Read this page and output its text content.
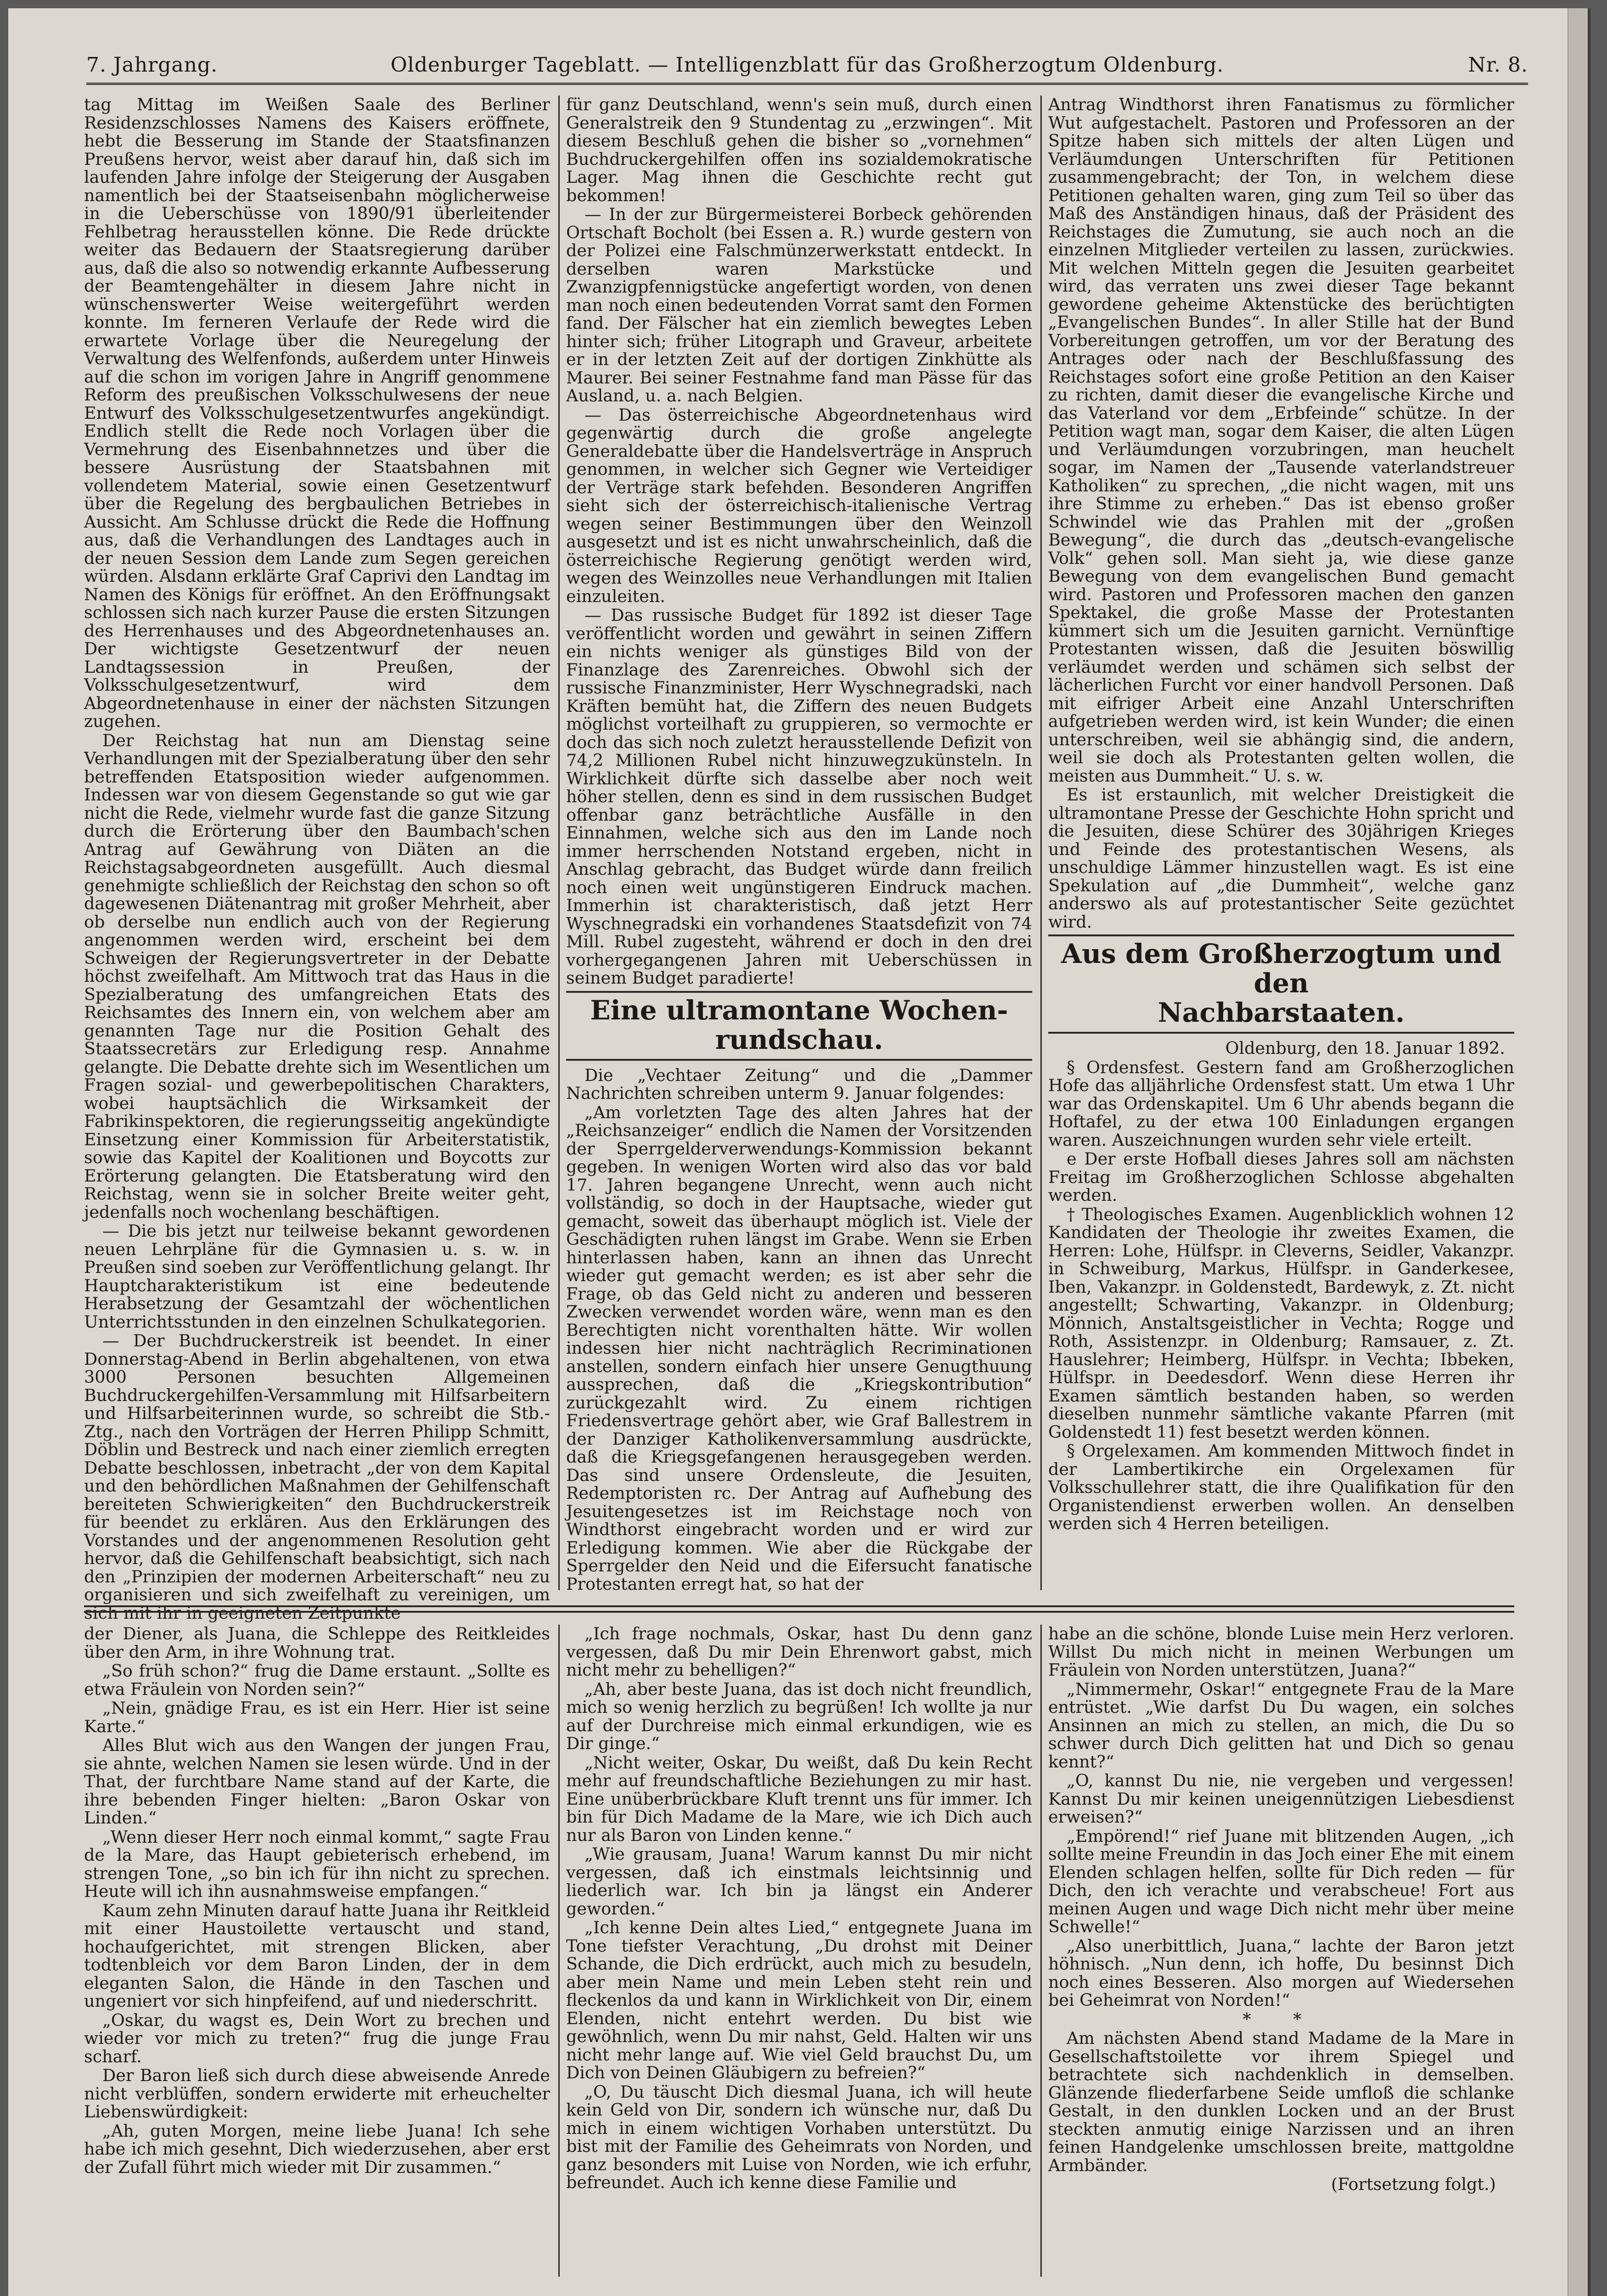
7. Jahrgang.	Oldenburger Tageblatt. — Intelligenzblatt für das Großherzogtum Oldenburg.	Nr. 8.

tag Mittag im Weißen Saale des Berliner Residenzschlosses Namens des Kaisers eröffnete, hebt die Besserung im Stande der Staatsfinanzen Preußens hervor, weist aber darauf hin, daß sich im laufenden Jahre infolge der Steigerung der Ausgaben namentlich bei der Staatseisenbahn möglicherweise in die Ueberschüsse von 1890/91 überleitender Fehlbetrag herausstellen könne. Die Rede drückte weiter das Bedauern der Staatsregierung darüber aus, daß die also so notwendig erkannte Aufbesserung der Beamtengehälter in diesem Jahre nicht in wünschenswerter Weise weitergeführt werden konnte. Im ferneren Verlaufe der Rede wird die erwartete Vorlage über die Neuregelung der Verwaltung des Welfenfonds, außerdem unter Hinweis auf die schon im vorigen Jahre in Angriff genommene Reform des preußischen Volksschulwesens der neue Entwurf des Volksschulgesetzentwurfes angekündigt. Endlich stellt die Rede noch Vorlagen über die Vermehrung des Eisenbahnnetzes und über die bessere Ausrüstung der Staatsbahnen mit vollendetem Material, sowie einen Gesetzentwurf über die Regelung des bergbaulichen Betriebes in Aussicht. Am Schlusse drückt die Rede die Hoffnung aus, daß die Verhandlungen des Landtages auch in der neuen Session dem Lande zum Segen gereichen würden. Alsdann erklärte Graf Caprivi den Landtag im Namen des Königs für eröffnet. An den Eröffnungsakt schlossen sich nach kurzer Pause die ersten Sitzungen des Herrenhauses und des Abgeordnetenhauses an. Der wichtigste Gesetzentwurf der neuen Landtagssession in Preußen, der Volksschulgesetzentwurf, wird dem Abgeordnetenhause in einer der nächsten Sitzungen zugehen.

Der Reichstag hat nun am Dienstag seine Verhandlungen mit der Spezialberatung über den sehr betreffenden Etatsposition wieder aufgenommen. Indessen war von diesem Gegenstande so gut wie gar nicht die Rede, vielmehr wurde fast die ganze Sitzung durch die Erörterung über den Baumbach'schen Antrag auf Gewährung von Diäten an die Reichstagsabgeordneten ausgefüllt. Auch diesmal genehmigte schließlich der Reichstag den schon so oft dagewesenen Diätenantrag mit großer Mehrheit, aber ob derselbe nun endlich auch von der Regierung angenommen werden wird, erscheint bei dem Schweigen der Regierungsvertreter in der Debatte höchst zweifelhaft. Am Mittwoch trat das Haus in die Spezialberatung des umfangreichen Etats des Reichsamtes des Innern ein, von welchem aber am genannten Tage nur die Position Gehalt des Staatssecretärs zur Erledigung resp. Annahme gelangte. Die Debatte drehte sich im Wesentlichen um Fragen sozial- und gewerbepolitischen Charakters, wobei hauptsächlich die Wirksamkeit der Fabrikinspektoren, die regierungsseitig angekündigte Einsetzung einer Kommission für Arbeiterstatistik, sowie das Kapitel der Koalitionen und Boycotts zur Erörterung gelangten. Die Etatsberatung wird den Reichstag, wenn sie in solcher Breite weiter geht, jedenfalls noch wochenlang beschäftigen.

— Die bis jetzt nur teilweise bekannt gewordenen neuen Lehrpläne für die Gymnasien u. s. w. in Preußen sind soeben zur Veröffentlichung gelangt. Ihr Hauptcharakteristikum ist eine bedeutende Herabsetzung der Gesamtzahl der wöchentlichen Unterrichtsstunden in den einzelnen Schulkategorien.

— Der Buchdruckerstreik ist beendet. In einer Donnerstag-Abend in Berlin abgehaltenen, von etwa 3000 Personen besuchten Allgemeinen Buchdruckergehilfen-Versammlung mit Hilfsarbeitern und Hilfsarbeiterinnen wurde, so schreibt die Stb.-Ztg., nach den Vorträgen der Herren Philipp Schmitt, Döblin und Bestreck und nach einer ziemlich erregten Debatte beschlossen, inbetracht „der von dem Kapital und den behördlichen Maßnahmen der Gehilfenschaft bereiteten Schwierigkeiten“ den Buchdruckerstreik für beendet zu erklären. Aus den Erklärungen des Vorstandes und der angenommenen Resolution geht hervor, daß die Gehilfenschaft beabsichtigt, sich nach den „Prinzipien der modernen Arbeiterschaft“ neu zu organisieren und sich zweifelhaft zu vereinigen, um sich mit ihr in geeigneten Zeitpunkte

für ganz Deutschland, wenn's sein muß, durch einen Generalstreik den 9 Stundentag zu „erzwingen“. Mit diesem Beschluß gehen die bisher so „vornehmen“ Buchdruckergehilfen offen ins sozialdemokratische Lager. Mag ihnen die Geschichte recht gut bekommen!

— In der zur Bürgermeisterei Borbeck gehörenden Ortschaft Bocholt (bei Essen a. R.) wurde gestern von der Polizei eine Falschmünzerwerkstatt entdeckt. In derselben waren Markstücke und Zwanzigpfennigstücke angefertigt worden, von denen man noch einen bedeutenden Vorrat samt den Formen fand. Der Fälscher hat ein ziemlich bewegtes Leben hinter sich; früher Litograph und Graveur, arbeitete er in der letzten Zeit auf der dortigen Zinkhütte als Maurer. Bei seiner Festnahme fand man Pässe für das Ausland, u. a. nach Belgien.

— Das österreichische Abgeordnetenhaus wird gegenwärtig durch die große angelegte Generaldebatte über die Handelsverträge in Anspruch genommen, in welcher sich Gegner wie Verteidiger der Verträge stark befehden. Besonderen Angriffen sieht sich der österreichisch-italienische Vertrag wegen seiner Bestimmungen über den Weinzoll ausgesetzt und ist es nicht unwahrscheinlich, daß die österreichische Regierung genötigt werden wird, wegen des Weinzolles neue Verhandlungen mit Italien einzuleiten.

— Das russische Budget für 1892 ist dieser Tage veröffentlicht worden und gewährt in seinen Ziffern ein nichts weniger als günstiges Bild von der Finanzlage des Zarenreiches. Obwohl sich der russische Finanzminister, Herr Wyschnegradski, nach Kräften bemüht hat, die Ziffern des neuen Budgets möglichst vorteilhaft zu gruppieren, so vermochte er doch das sich noch zuletzt herausstellende Defizit von 74,2 Millionen Rubel nicht hinzuwegzukünsteln. In Wirklichkeit dürfte sich dasselbe aber noch weit höher stellen, denn es sind in dem russischen Budget offenbar ganz beträchtliche Ausfälle in den Einnahmen, welche sich aus den im Lande noch immer herrschenden Notstand ergeben, nicht in Anschlag gebracht, das Budget würde dann freilich noch einen weit ungünstigeren Eindruck machen. Immerhin ist charakteristisch, daß jetzt Herr Wyschnegradski ein vorhandenes Staatsdefizit von 74 Mill. Rubel zugesteht, während er doch in den drei vorhergegangenen Jahren mit Ueberschüssen in seinem Budget paradierte!

Eine ultramontane Wochen-
rundschau.

Die „Vechtaer Zeitung“ und die „Dammer Nachrichten schreiben unterm 9. Januar folgendes:

„Am vorletzten Tage des alten Jahres hat der „Reichsanzeiger“ endlich die Namen der Vorsitzenden der Sperrgelderverwendungs-Kommission bekannt gegeben. In wenigen Worten wird also das vor bald 17. Jahren begangene Unrecht, wenn auch nicht vollständig, so doch in der Hauptsache, wieder gut gemacht, soweit das überhaupt möglich ist. Viele der Geschädigten ruhen längst im Grabe. Wenn sie Erben hinterlassen haben, kann an ihnen das Unrecht wieder gut gemacht werden; es ist aber sehr die Frage, ob das Geld nicht zu anderen und besseren Zwecken verwendet worden wäre, wenn man es den Berechtigten nicht vorenthalten hätte. Wir wollen indessen hier nicht nachträglich Recriminationen anstellen, sondern einfach hier unsere Genugthuung aussprechen, daß die „Kriegskontribution“ zurückgezahlt wird. Zu einem richtigen Friedensvertrage gehört aber, wie Graf Ballestrem in der Danziger Katholikenversammlung ausdrückte, daß die Kriegsgefangenen herausgegeben werden. Das sind unsere Ordensleute, die Jesuiten, Redemptoristen rc. Der Antrag auf Aufhebung des Jesuitengesetzes ist im Reichstage noch von Windthorst eingebracht worden und er wird zur Erledigung kommen. Wie aber die Rückgabe der Sperrgelder den Neid und die Eifersucht fanatische Protestanten erregt hat, so hat der

Antrag Windthorst ihren Fanatismus zu förmlicher Wut aufgestachelt. Pastoren und Professoren an der Spitze haben sich mittels der alten Lügen und Verläumdungen Unterschriften für Petitionen zusammengebracht; der Ton, in welchem diese Petitionen gehalten waren, ging zum Teil so über das Maß des Anständigen hinaus, daß der Präsident des Reichstages die Zumutung, sie auch noch an die einzelnen Mitglieder verteilen zu lassen, zurückwies. Mit welchen Mitteln gegen die Jesuiten gearbeitet wird, das verraten uns zwei dieser Tage bekannt gewordene geheime Aktenstücke des berüchtigten „Evangelischen Bundes“. In aller Stille hat der Bund Vorbereitungen getroffen, um vor der Beratung des Antrages oder nach der Beschlußfassung des Reichstages sofort eine große Petition an den Kaiser zu richten, damit dieser die evangelische Kirche und das Vaterland vor dem „Erbfeinde“ schütze. In der Petition wagt man, sogar dem Kaiser, die alten Lügen und Verläumdungen vorzubringen, man heuchelt sogar, im Namen der „Tausende vaterlandstreuer Katholiken“ zu sprechen, „die nicht wagen, mit uns ihre Stimme zu erheben.“ Das ist ebenso großer Schwindel wie das Prahlen mit der „großen Bewegung“, die durch das „deutsch-evangelische Volk“ gehen soll. Man sieht ja, wie diese ganze Bewegung von dem evangelischen Bund gemacht wird. Pastoren und Professoren machen den ganzen Spektakel, die große Masse der Protestanten kümmert sich um die Jesuiten garnicht. Vernünftige Protestanten wissen, daß die Jesuiten böswillig verläumdet werden und schämen sich selbst der lächerlichen Furcht vor einer handvoll Personen. Daß mit eifriger Arbeit eine Anzahl Unterschriften aufgetrieben werden wird, ist kein Wunder; die einen unterschreiben, weil sie abhängig sind, die andern, weil sie doch als Protestanten gelten wollen, die meisten aus Dummheit.“ U. s. w.

Es ist erstaunlich, mit welcher Dreistigkeit die ultramontane Presse der Geschichte Hohn spricht und die Jesuiten, diese Schürer des 30jährigen Krieges und Feinde des protestantischen Wesens, als unschuldige Lämmer hinzustellen wagt. Es ist eine Spekulation auf „die Dummheit“, welche ganz anderswo als auf protestantischer Seite gezüchtet wird.

Aus dem Großherzogtum und den
Nachbarstaaten.

Oldenburg, den 18. Januar 1892.

§ Ordensfest. Gestern fand am Großherzoglichen Hofe das alljährliche Ordensfest statt. Um etwa 1 Uhr war das Ordenskapitel. Um 6 Uhr abends begann die Hoftafel, zu der etwa 100 Einladungen ergangen waren. Auszeichnungen wurden sehr viele erteilt.

e Der erste Hofball dieses Jahres soll am nächsten Freitag im Großherzoglichen Schlosse abgehalten werden.

† Theologisches Examen. Augenblicklich wohnen 12 Kandidaten der Theologie ihr zweites Examen, die Herren: Lohe, Hülfspr. in Cleverns, Seidler, Vakanzpr. in Schweiburg, Markus, Hülfspr. in Ganderkesee, Iben, Vakanzpr. in Goldenstedt, Bardewyk, z. Zt. nicht angestellt; Schwarting, Vakanzpr. in Oldenburg; Mönnich, Anstaltsgeistlicher in Vechta; Rogge und Roth, Assistenzpr. in Oldenburg; Ramsauer, z. Zt. Hauslehrer; Heimberg, Hülfspr. in Vechta; Ibbeken, Hülfspr. in Deedesdorf. Wenn diese Herren ihr Examen sämtlich bestanden haben, so werden dieselben nunmehr sämtliche vakante Pfarren (mit Goldenstedt 11) fest besetzt werden können.

§ Orgelexamen. Am kommenden Mittwoch findet in der Lambertikirche ein Orgelexamen für Volksschullehrer statt, die ihre Qualifikation für den Organistendienst erwerben wollen. An denselben werden sich 4 Herren beteiligen.

der Diener, als Juana, die Schleppe des Reitkleides über den Arm, in ihre Wohnung trat.

„So früh schon?“ frug die Dame erstaunt. „Sollte es etwa Fräulein von Norden sein?“

„Nein, gnädige Frau, es ist ein Herr. Hier ist seine Karte.“

Alles Blut wich aus den Wangen der jungen Frau, sie ahnte, welchen Namen sie lesen würde. Und in der That, der furchtbare Name stand auf der Karte, die ihre bebenden Finger hielten: „Baron Oskar von Linden.“

„Wenn dieser Herr noch einmal kommt,“ sagte Frau de la Mare, das Haupt gebieterisch erhebend, im strengen Tone, „so bin ich für ihn nicht zu sprechen. Heute will ich ihn ausnahmsweise empfangen.“

Kaum zehn Minuten darauf hatte Juana ihr Reitkleid mit einer Haustoilette vertauscht und stand, hochaufgerichtet, mit strengen Blicken, aber todtenbleich vor dem Baron Linden, der in dem eleganten Salon, die Hände in den Taschen und ungeniert vor sich hinpfeifend, auf und niederschritt.

„Oskar, du wagst es, Dein Wort zu brechen und wieder vor mich zu treten?“ frug die junge Frau scharf.

Der Baron ließ sich durch diese abweisende Anrede nicht verblüffen, sondern erwiderte mit erheuchelter Liebenswürdigkeit:

„Ah, guten Morgen, meine liebe Juana! Ich sehe habe ich mich gesehnt, Dich wiederzusehen, aber erst der Zufall führt mich wieder mit Dir zusammen.“

„Ich frage nochmals, Oskar, hast Du denn ganz vergessen, daß Du mir Dein Ehrenwort gabst, mich nicht mehr zu behelligen?“

„Ah, aber beste Juana, das ist doch nicht freundlich, mich so wenig herzlich zu begrüßen! Ich wollte ja nur auf der Durchreise mich einmal erkundigen, wie es Dir ginge.“

„Nicht weiter, Oskar, Du weißt, daß Du kein Recht mehr auf freundschaftliche Beziehungen zu mir hast. Eine unüberbrückbare Kluft trennt uns für immer. Ich bin für Dich Madame de la Mare, wie ich Dich auch nur als Baron von Linden kenne.“

„Wie grausam, Juana! Warum kannst Du mir nicht vergessen, daß ich einstmals leichtsinnig und liederlich war. Ich bin ja längst ein Anderer geworden.“

„Ich kenne Dein altes Lied,“ entgegnete Juana im Tone tiefster Verachtung, „Du drohst mit Deiner Schande, die Dich erdrückt, auch mich zu besudeln, aber mein Name und mein Leben steht rein und fleckenlos da und kann in Wirklichkeit von Dir, einem Elenden, nicht entehrt werden. Du bist wie gewöhnlich, wenn Du mir nahst, Geld. Halten wir uns nicht mehr lange auf. Wie viel Geld brauchst Du, um Dich von Deinen Gläubigern zu befreien?“

„O, Du täuscht Dich diesmal Juana, ich will heute kein Geld von Dir, sondern ich wünsche nur, daß Du mich in einem wichtigen Vorhaben unterstützt. Du bist mit der Familie des Geheimrats von Norden, und ganz besonders mit Luise von Norden, wie ich erfuhr, befreundet. Auch ich kenne diese Familie und

habe an die schöne, blonde Luise mein Herz verloren. Willst Du mich nicht in meinen Werbungen um Fräulein von Norden unterstützen, Juana?“

„Nimmermehr, Oskar!“ entgegnete Frau de la Mare entrüstet. „Wie darfst Du Du wagen, ein solches Ansinnen an mich zu stellen, an mich, die Du so schwer durch Dich gelitten hat und Dich so genau kennt?“

„O, kannst Du nie, nie vergeben und vergessen! Kannst Du mir keinen uneigennützigen Liebesdienst erweisen?“

„Empörend!“ rief Juane mit blitzenden Augen, „ich sollte meine Freundin in das Joch einer Ehe mit einem Elenden schlagen helfen, sollte für Dich reden — für Dich, den ich verachte und verabscheue! Fort aus meinen Augen und wage Dich nicht mehr über meine Schwelle!“

„Also unerbittlich, Juana,“ lachte der Baron jetzt höhnisch. „Nun denn, ich hoffe, Du besinnst Dich noch eines Besseren. Also morgen auf Wiedersehen bei Geheimrat von Norden!“

* *

Am nächsten Abend stand Madame de la Mare in Gesellschaftstoilette vor ihrem Spiegel und betrachtete sich nachdenklich in demselben. Glänzende fliederfarbene Seide umfloß die schlanke Gestalt, in den dunklen Locken und an der Brust steckten anmutig einige Narzissen und an ihren feinen Handgelenke umschlossen breite, mattgoldne Armbänder.

(Fortsetzung folgt.)
